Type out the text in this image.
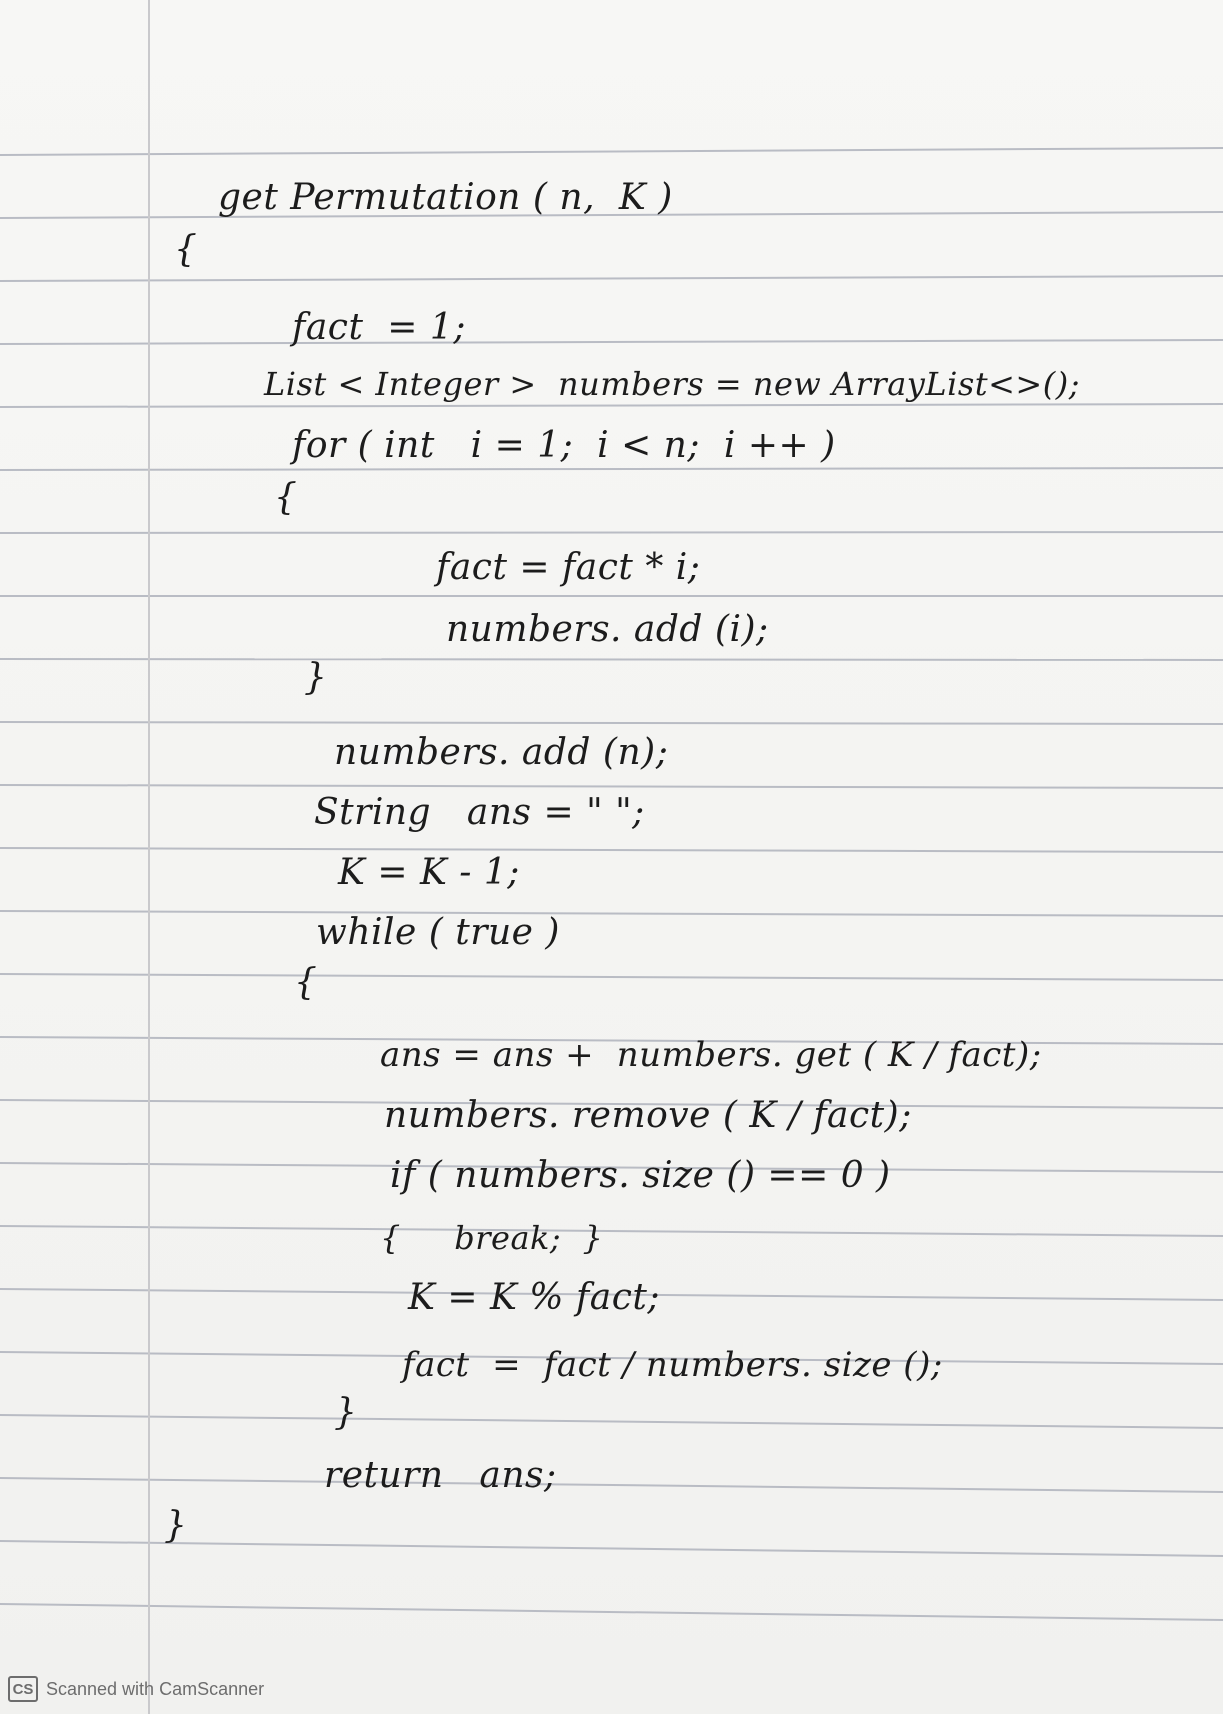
get Permutation ( n,  K )
{
fact  = 1;
List < Integer >  numbers = new ArrayList<>();
for ( int   i = 1;  i < n;  i ++ )
{
fact = fact * i;
numbers. add (i);
}
numbers. add (n);
String   ans = " ";
K = K - 1;
while ( true )
{
ans = ans +  numbers. get ( K / fact);
numbers. remove ( K / fact);
if ( numbers. size () == 0 )
{     break;  }
K = K % fact;
fact  =  fact / numbers. size ();
}
return   ans;
}
CS Scanned with CamScanner
